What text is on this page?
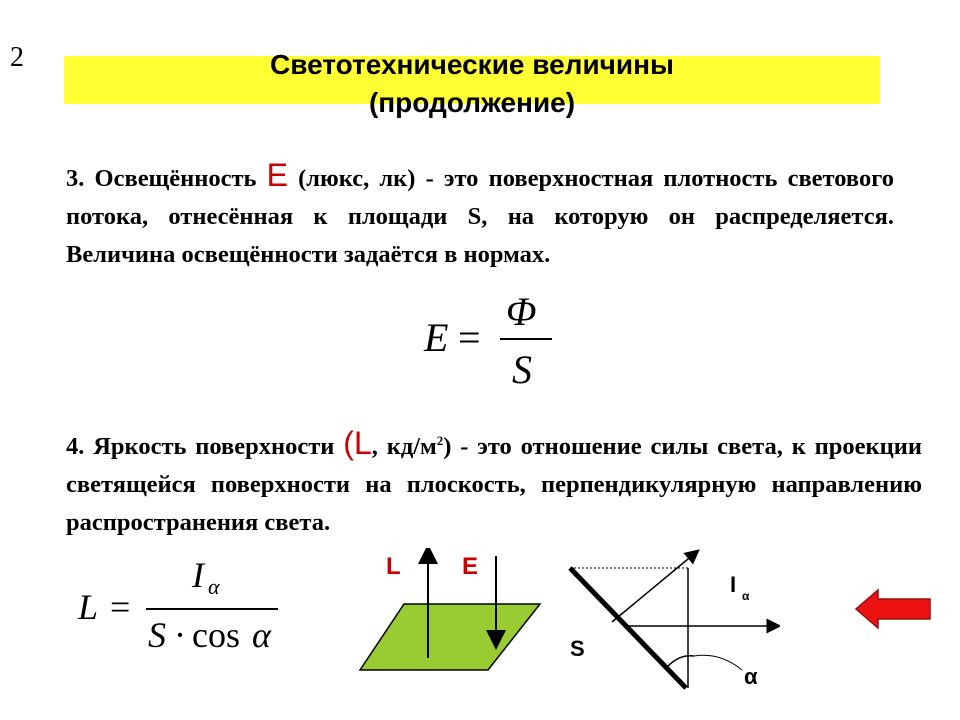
2	Светотехнические величины
(продолжение)
3. Освещённость Е (люкс, лк) - это поверхностная плотность светового потока, отнесённая к площади S, на которую он распределяется. Величина освещённости задаётся в нормах.
E =
Φ
S
4. Яркость поверхности (L, $кд/м^2$) - это отношение силы света, к проекции светящейся поверхности на плоскость, перпендикулярную направлению распространения света.
L =
I α
S · cos α
L	E
S
I α
α
